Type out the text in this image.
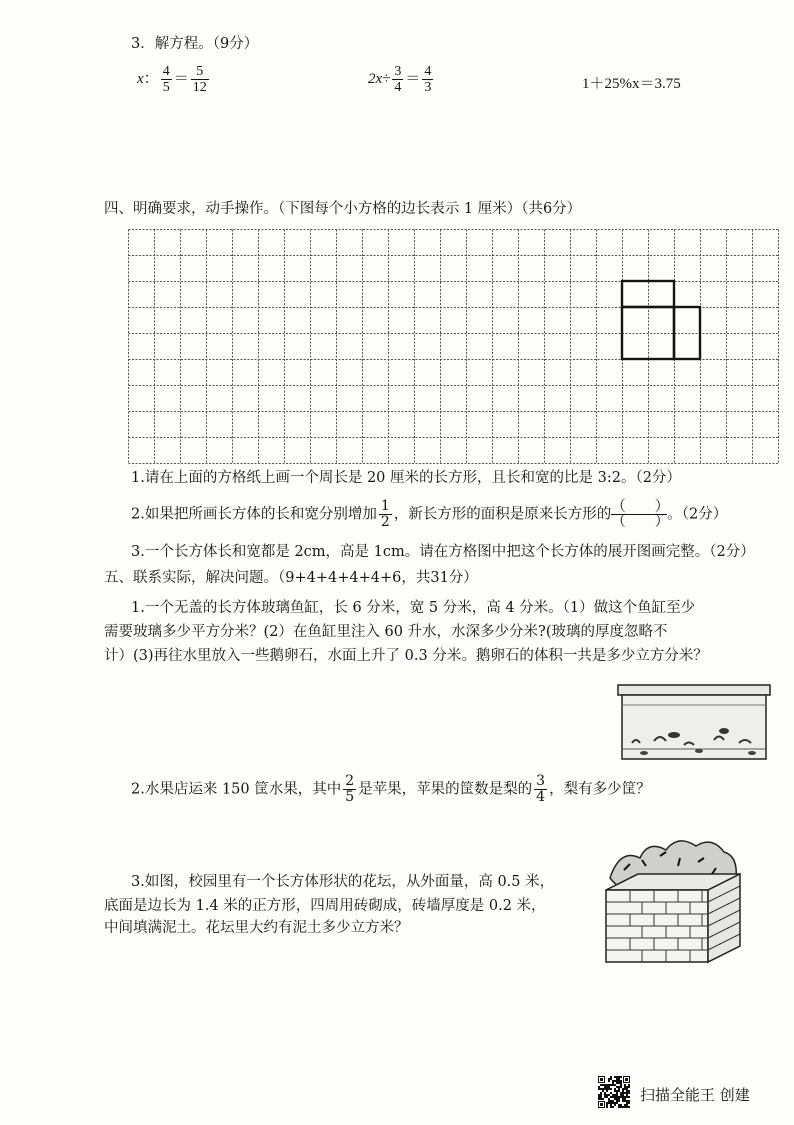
3．解方程。（9分）
x： $\frac{4}{5} = \frac{5}{12}$	$2x\div \frac{3}{4} = \frac{4}{3}$	1＋25%x＝3.75
四、明确要求，动手操作。（下图每个小方格的边长表示 1 厘米）（共6分）
1.请在上面的方格纸上画一个周长是 20 厘米的长方形，且长和宽的比是 3:2。（2分）
2.如果把所画长方体的长和宽分别增加 $\frac{1}{2}$ ，新长方形的面积是原来长方形的 （　　）
（　　）
。（2分）
3.一个长方体长和宽都是 2cm，高是 1cm。请在方格图中把这个长方体的展开图画完整。（2分）
五、联系实际，解决问题。（9+4+4+4+4+6，共31分）
1.一个无盖的长方体玻璃鱼缸，长 6 分米，宽 5 分米，高 4 分米。（1）做这个鱼缸至少
需要玻璃多少平方分米？(2）在鱼缸里注入 60 升水，水深多少分米?(玻璃的厚度忽略不
计）(3)再往水里放入一些鹅卵石，水面上升了 0.3 分米。鹅卵石的体积一共是多少立方分米？
2.水果店运来 150 筐水果，其中 $\frac{2}{5}$ 是苹果，苹果的筐数是梨的 $\frac{3}{4}$ ，梨有多少筐？
3.如图，校园里有一个长方体形状的花坛，从外面量，高 0.5 米，
底面是边长为 1.4 米的正方形，四周用砖砌成，砖墙厚度是 0.2 米，
中间填满泥土。花坛里大约有泥土多少立方米？
扫描全能王 创建
